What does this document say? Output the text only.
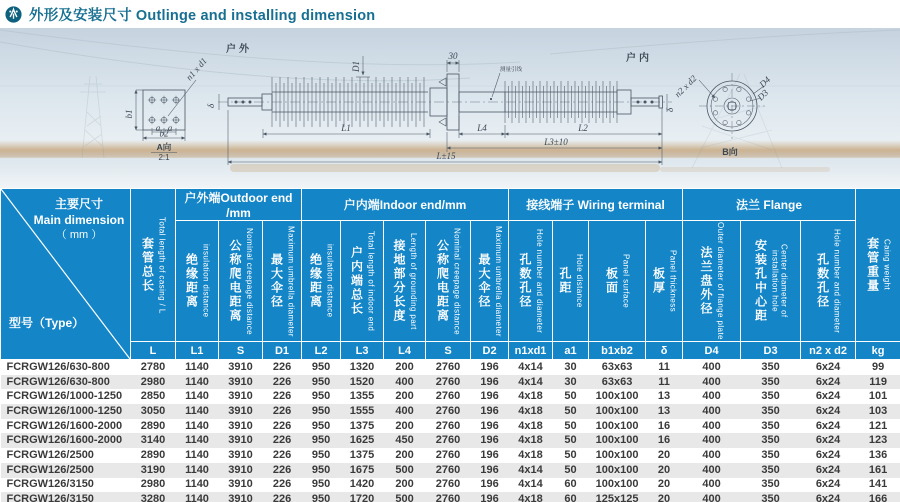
外形及安装尺寸 Outlinge and installing dimension
n1 x d1
b1
a a
b2
A向
2:1
户外
户内
δ
30
测量引线
δ
D1
L1	L4	L2
L3±10
L±15
n2 x d2	D4
D3
B向
主要尺寸
Main dimension
（ mm ）
型号（Type）

套管总长 Total length of casing / L
	户外端Outdoor end /mm	户内端Indoor end/mm	接线端子 Wiring terminal	法兰 Flange	
套管重量 Caing weight

		绝缘距离 insulation distance	公称爬电距离 Nominal creepage distance	最大伞径 Maximum umbrella diameter	绝缘距离 insulation distance	户内端总长 Total length of indoor end	接地部分长度 Length of grounding part	公称爬电距离 Nominal creepage distance	最大伞径 Maximum umbrella diameter	孔数孔径 Hole number and diameter	孔距 Hole distance	板面 Panel surface	板厚 Panel thickness	法兰盘外径 Outer diameter of flange plate	安装孔中心距 Center diameter of installation hole	孔数孔径 Hole number and diameter	

	L	L1	S	D1	L2	L3	L4	S	D2	n1xd1	a1	b1xb2	δ	D4	D3	n2 x d2	kg
FCRGW126/630-800	2780	1140	3910	226	950	1320	200	2760	196	4x14	30	63x63	11	400	350	6x24	99
FCRGW126/630-800	2980	1140	3910	226	950	1520	400	2760	196	4x14	30	63x63	11	400	350	6x24	119
FCRGW126/1000-1250	2850	1140	3910	226	950	1355	200	2760	196	4x18	50	100x100	13	400	350	6x24	101
FCRGW126/1000-1250	3050	1140	3910	226	950	1555	400	2760	196	4x18	50	100x100	13	400	350	6x24	103
FCRGW126/1600-2000	2890	1140	3910	226	950	1375	200	2760	196	4x18	50	100x100	16	400	350	6x24	121
FCRGW126/1600-2000	3140	1140	3910	226	950	1625	450	2760	196	4x18	50	100x100	16	400	350	6x24	123
FCRGW126/2500	2890	1140	3910	226	950	1375	200	2760	196	4x18	50	100x100	20	400	350	6x24	136
FCRGW126/2500	3190	1140	3910	226	950	1675	500	2760	196	4x14	50	100x100	20	400	350	6x24	161
FCRGW126/3150	2980	1140	3910	226	950	1420	200	2760	196	4x14	60	100x100	20	400	350	6x24	141
FCRGW126/3150	3280	1140	3910	226	950	1720	500	2760	196	4x18	60	125x125	20	400	350	6x24	166
